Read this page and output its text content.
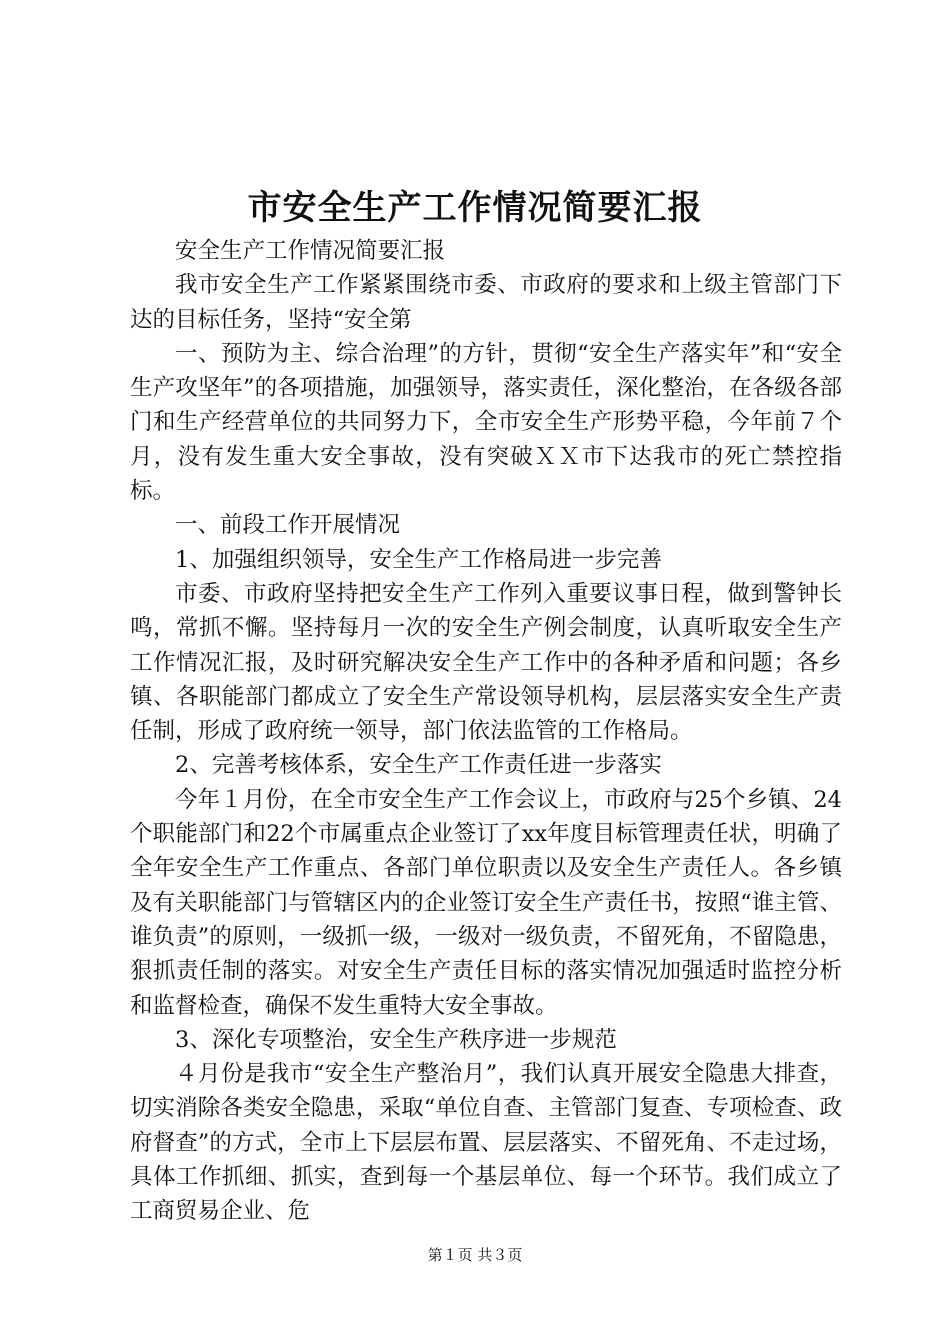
市安全生产工作情况简要汇报

安全生产工作情况简要汇报

我市安全生产工作紧紧围绕市委、市政府的要求和上级主管部门下达的目标任务，坚持“安全第

一、预防为主、综合治理”的方针，贯彻“安全生产落实年”和“安全生产攻坚年”的各项措施，加强领导，落实责任，深化整治，在各级各部门和生产经营单位的共同努力下，全市安全生产形势平稳，今年前７个月，没有发生重大安全事故，没有突破ＸＸ市下达我市的死亡禁控指标。

一、前段工作开展情况

1、加强组织领导，安全生产工作格局进一步完善

市委、市政府坚持把安全生产工作列入重要议事日程，做到警钟长鸣，常抓不懈。坚持每月一次的安全生产例会制度，认真听取安全生产工作情况汇报，及时研究解决安全生产工作中的各种矛盾和问题；各乡镇、各职能部门都成立了安全生产常设领导机构，层层落实安全生产责任制，形成了政府统一领导，部门依法监管的工作格局。

2、完善考核体系，安全生产工作责任进一步落实

今年１月份，在全市安全生产工作会议上，市政府与25个乡镇、24个职能部门和22个市属重点企业签订了xx年度目标管理责任状，明确了全年安全生产工作重点、各部门单位职责以及安全生产责任人。各乡镇及有关职能部门与管辖区内的企业签订安全生产责任书，按照“谁主管、谁负责”的原则，一级抓一级，一级对一级负责，不留死角，不留隐患，狠抓责任制的落实。对安全生产责任目标的落实情况加强适时监控分析和监督检查，确保不发生重特大安全事故。

3、深化专项整治，安全生产秩序进一步规范

４月份是我市“安全生产整治月”，我们认真开展安全隐患大排查，切实消除各类安全隐患，采取“单位自查、主管部门复查、专项检查、政府督查”的方式，全市上下层层布置、层层落实、不留死角、不走过场，具体工作抓细、抓实，查到每一个基层单位、每一个环节。我们成立了工商贸易企业、危

第１页 共３页
